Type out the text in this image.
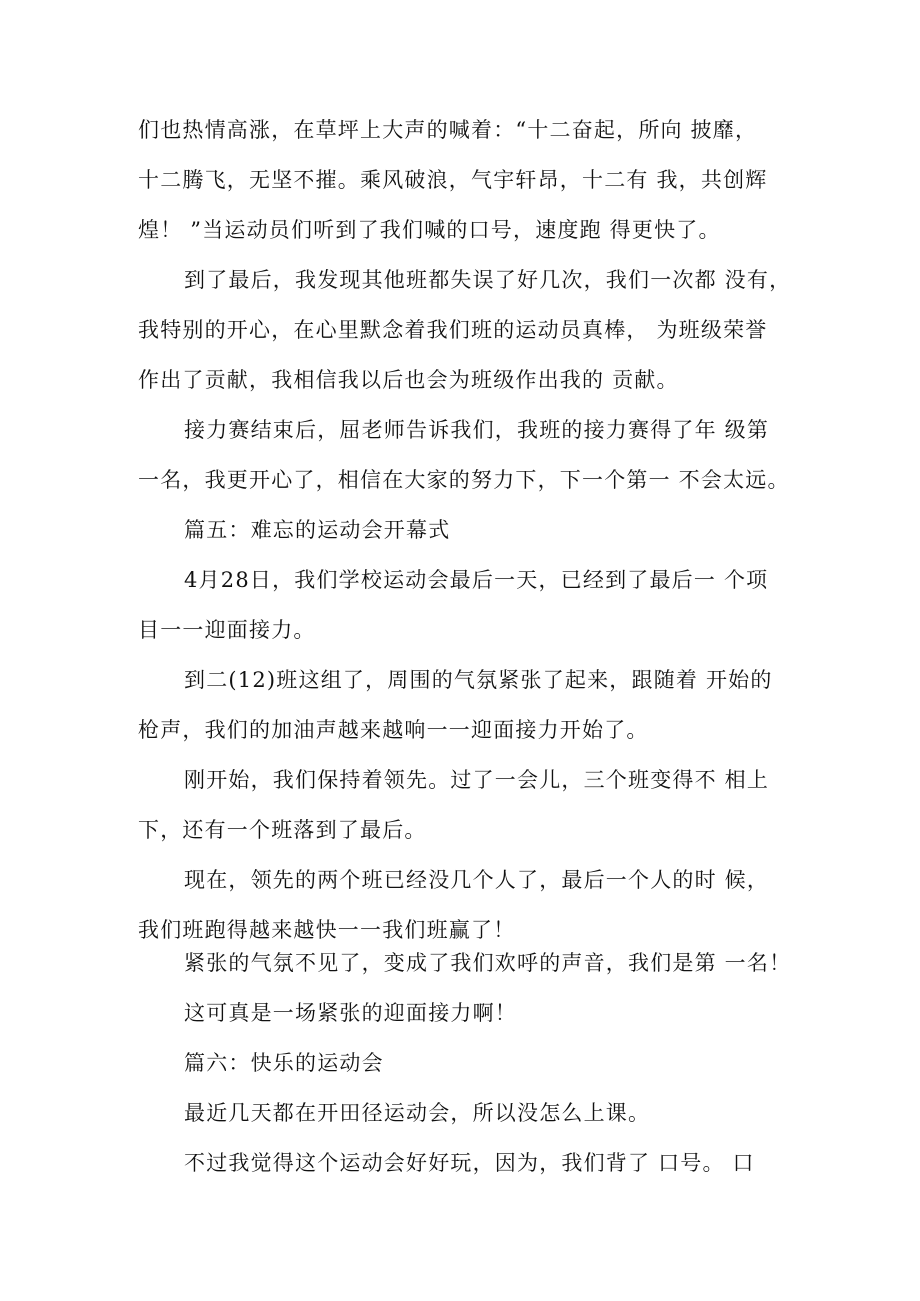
们也热情高涨，在草坪上大声的喊着：“十二奋起，所向 披靡，
十二腾飞，无坚不摧。乘风破浪，气宇轩昂，十二有 我，共创辉
煌！ ”当运动员们听到了我们喊的口号，速度跑 得更快了。
到了最后，我发现其他班都失误了好几次，我们一次都 没有，
我特别的开心，在心里默念着我们班的运动员真棒， 为班级荣誉
作出了贡献，我相信我以后也会为班级作出我的 贡献。
接力赛结束后，屈老师告诉我们，我班的接力赛得了年 级第
一名，我更开心了，相信在大家的努力下，下一个第一 不会太远。
篇五：难忘的运动会开幕式
4月28日，我们学校运动会最后一天，已经到了最后一 个项
目一一迎面接力。
到二(12)班这组了，周围的气氛紧张了起来，跟随着 开始的
枪声，我们的加油声越来越响一一迎面接力开始了。
刚开始，我们保持着领先。过了一会儿，三个班变得不 相上
下，还有一个班落到了最后。
现在，领先的两个班已经没几个人了，最后一个人的时 候，
我们班跑得越来越快一一我们班赢了！
紧张的气氛不见了，变成了我们欢呼的声音，我们是第 一名！
这可真是一场紧张的迎面接力啊！
篇六：快乐的运动会
最近几天都在开田径运动会，所以没怎么上课。
不过我觉得这个运动会好好玩，因为，我们背了 口号。 口
